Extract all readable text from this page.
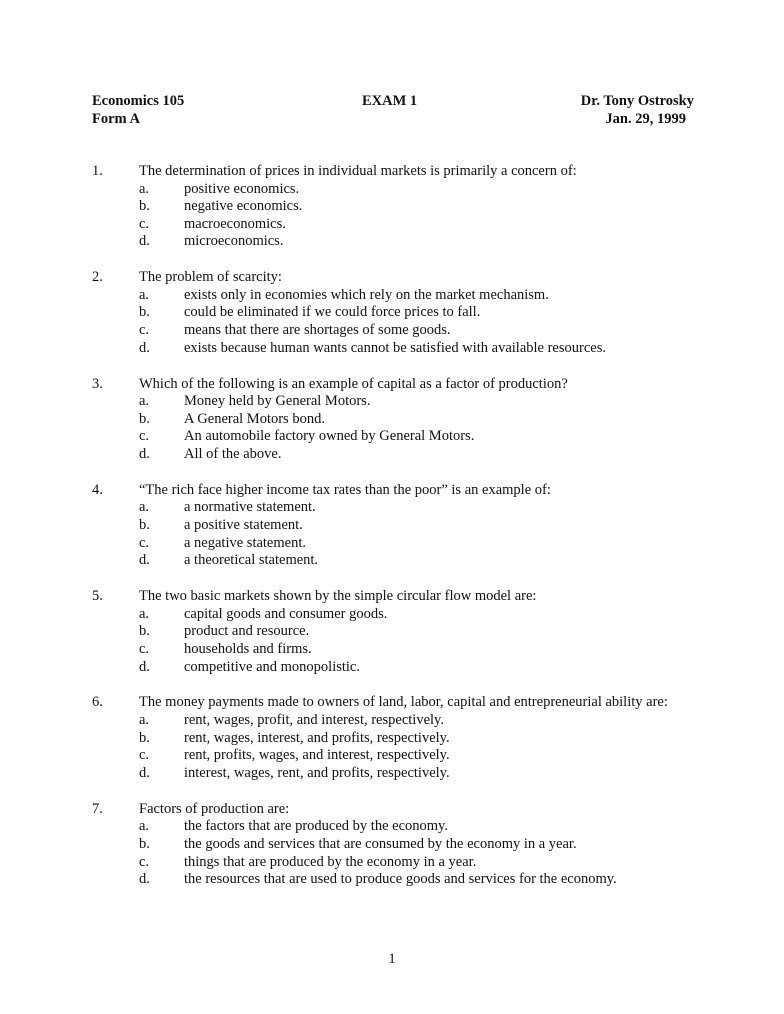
Economics 105	EXAM 1	Dr. Tony Ostrosky
Form A	Jan. 29, 1999
1. The determination of prices in individual markets is primarily a concern of:
a. positive economics.
b. negative economics.
c. macroeconomics.
d. microeconomics.
2. The problem of scarcity:
a. exists only in economies which rely on the market mechanism.
b. could be eliminated if we could force prices to fall.
c. means that there are shortages of some goods.
d. exists because human wants cannot be satisfied with available resources.
3. Which of the following is an example of capital as a factor of production?
a. Money held by General Motors.
b. A General Motors bond.
c. An automobile factory owned by General Motors.
d. All of the above.
4. “The rich face higher income tax rates than the poor” is an example of:
a. a normative statement.
b. a positive statement.
c. a negative statement.
d. a theoretical statement.
5. The two basic markets shown by the simple circular flow model are:
a. capital goods and consumer goods.
b. product and resource.
c. households and firms.
d. competitive and monopolistic.
6. The money payments made to owners of land, labor, capital and entrepreneurial ability are:
a. rent, wages, profit, and interest, respectively.
b. rent, wages, interest, and profits, respectively.
c. rent, profits, wages, and interest, respectively.
d. interest, wages, rent, and profits, respectively.
7. Factors of production are:
a. the factors that are produced by the economy.
b. the goods and services that are consumed by the economy in a year.
c. things that are produced by the economy in a year.
d. the resources that are used to produce goods and services for the economy.
1
